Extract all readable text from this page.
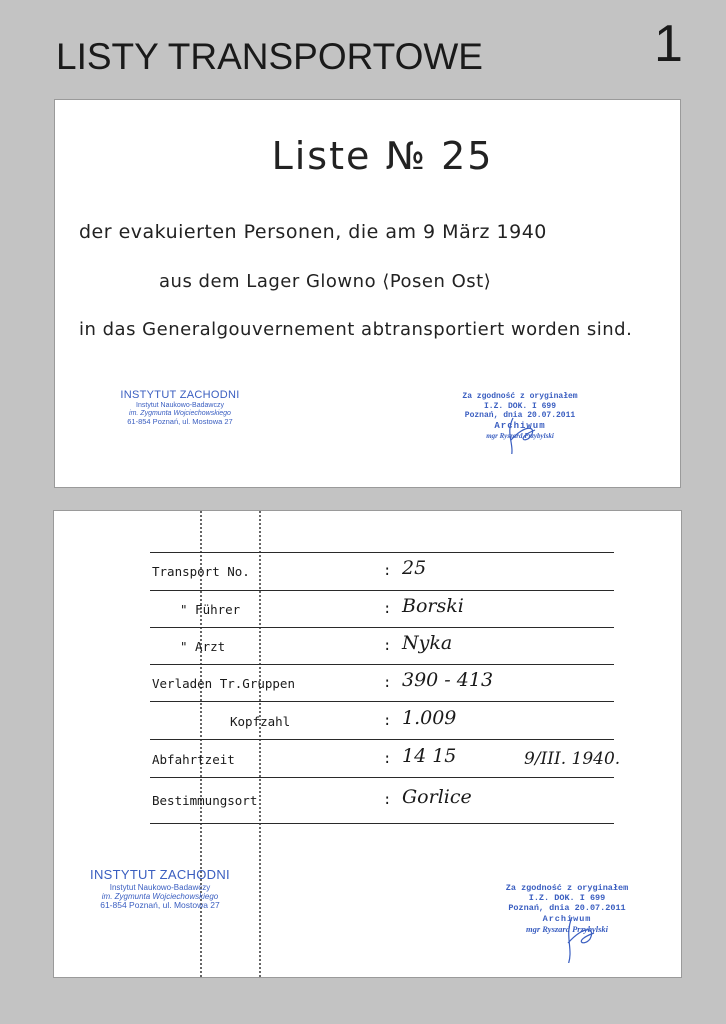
LISTY TRANSPORTOWE	1
Liste № 25
der evakuierten Personen, die am 9 März 1940
aus dem Lager Glowno ⟨Posen Ost⟩
in das Generalgouvernement abtransportiert worden sind.
INSTYTUT ZACHODNI
Instytut Naukowo-Badawczy
im. Zygmunta Wojciechowskiego
61-854 Poznań, ul. Mostowa 27
Za zgodność z oryginałem
I.Z. DOK. I 699
Poznań, dnia 20.07.2011
Archiwum
mgr Ryszard Przybylski
Transport No.	: 25
" Führer	: Borski
" Arzt	: Nyka
Verladen Tr.Gruppen	: 390 - 413
Kopfzahl	: 1.009
Abfahrtzeit	: 14 15	9/III. 1940.
Bestimmungsort	: Gorlice
INSTYTUT ZACHODNI
Instytut Naukowo-Badawczy
im. Zygmunta Wojciechowskiego
61-854 Poznań, ul. Mostowa 27
Za zgodność z oryginałem
I.Z. DOK. I 699
Poznań, dnia 20.07.2011
Archiwum
mgr Ryszard Przybylski
